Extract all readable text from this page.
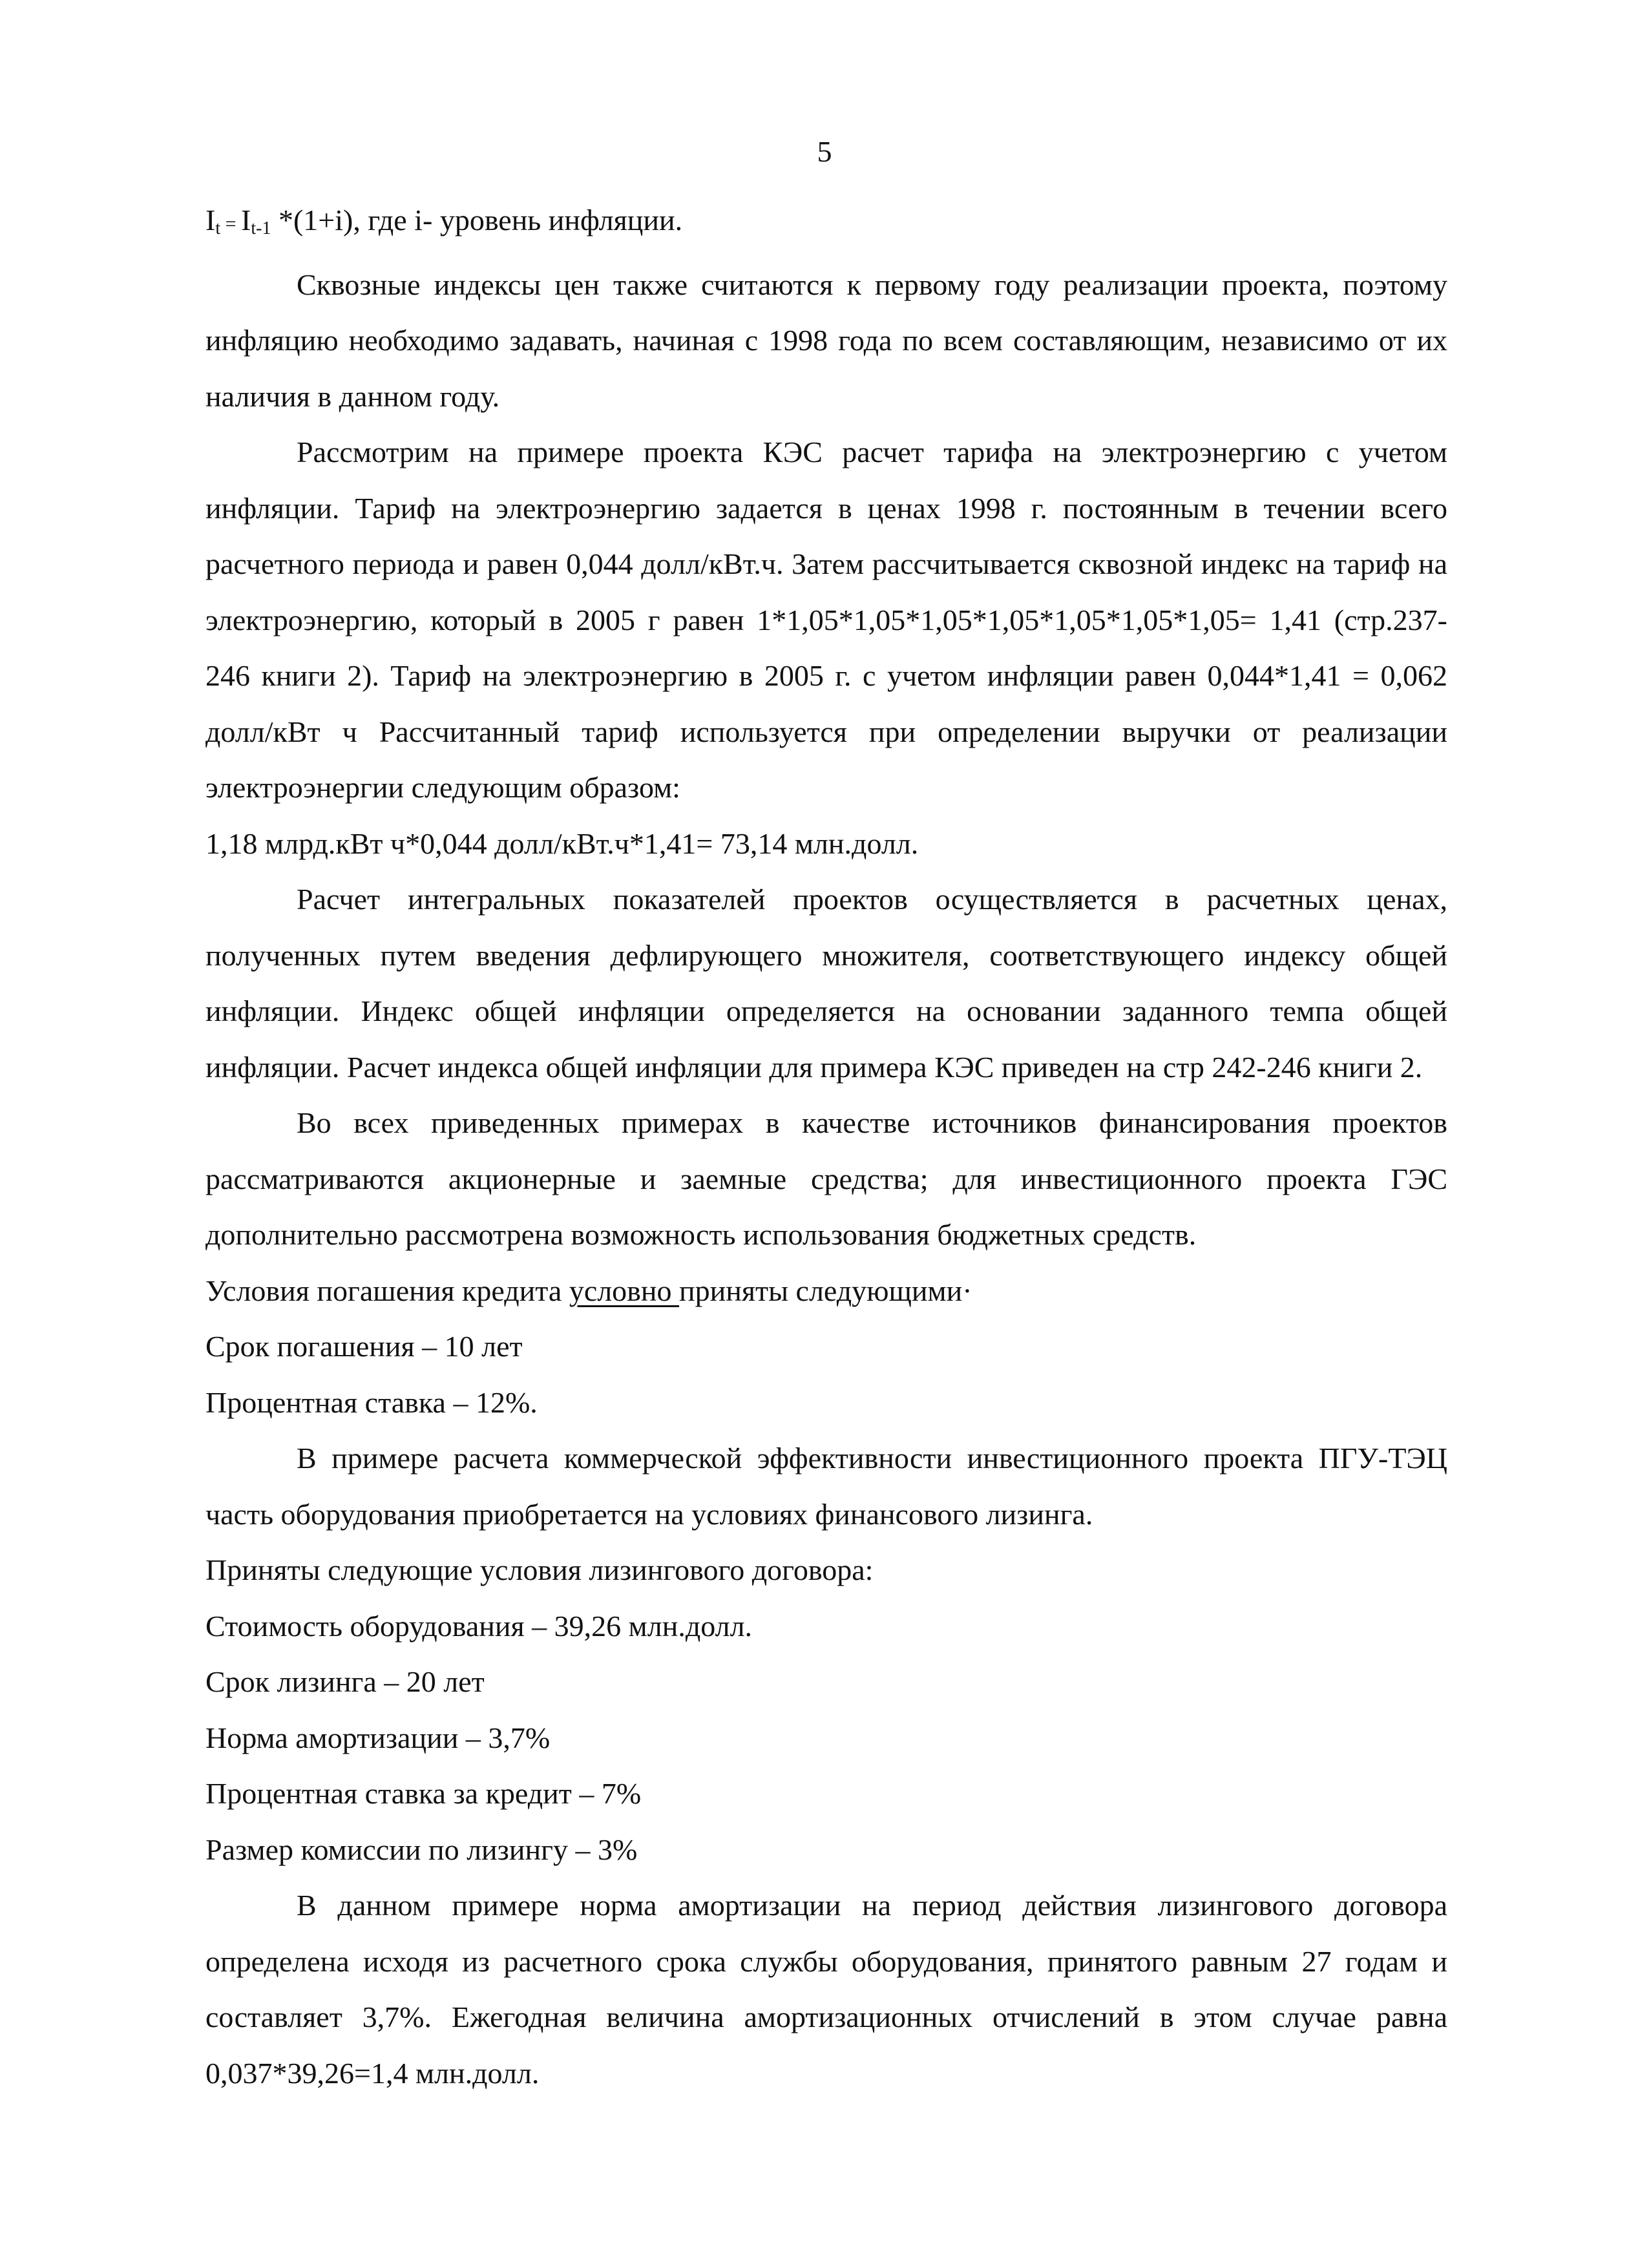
5

$I_t = I_{t-1}$ *(1+i), где i- уровень инфляции.

Сквозные индексы цен также считаются к первому году реализации проекта, поэтому инфляцию необходимо задавать, начиная с 1998 года по всем составляющим, независимо от их наличия в данном году.

Рассмотрим на примере проекта КЭС расчет тарифа на электроэнергию с учетом инфляции. Тариф на электроэнергию задается в ценах 1998 г. постоянным в течении всего расчетного периода и равен 0,044 долл/кВт.ч. Затем рассчитывается сквозной индекс на тариф на электроэнергию, который в 2005 г равен 1*1,05*1,05*1,05*1,05*1,05*1,05*1,05= 1,41 (стр.237-246 книги 2). Тариф на электроэнергию в 2005 г. с учетом инфляции равен 0,044*1,41 = 0,062 долл/кВт ч Рассчитанный тариф используется при определении выручки от реализации электроэнергии следующим образом:

1,18 млрд.кВт ч*0,044 долл/кВт.ч*1,41= 73,14 млн.долл.

Расчет интегральных показателей проектов осуществляется в расчетных ценах, полученных путем введения дефлирующего множителя, соответствующего индексу общей инфляции. Индекс общей инфляции определяется на основании заданного темпа общей инфляции. Расчет индекса общей инфляции для примера КЭС приведен на стр 242-246 книги 2.

Во всех приведенных примерах в качестве источников финансирования проектов рассматриваются акционерные и заемные средства; для инвестиционного проекта ГЭС дополнительно рассмотрена возможность использования бюджетных средств.

Условия погашения кредита условно приняты следующими·

Срок погашения – 10 лет

Процентная ставка – 12%.

В примере расчета коммерческой эффективности инвестиционного проекта ПГУ-ТЭЦ часть оборудования приобретается на условиях финансового лизинга.

Приняты следующие условия лизингового договора:

Стоимость оборудования – 39,26 млн.долл.

Срок лизинга – 20 лет

Норма амортизации – 3,7%

Процентная ставка за кредит – 7%

Размер комиссии по лизингу – 3%

В данном примере норма амортизации на период действия лизингового договора определена исходя из расчетного срока службы оборудования, принятого равным 27 годам и составляет 3,7%. Ежегодная величина амортизационных отчислений в этом случае равна 0,037*39,26=1,4 млн.долл.
